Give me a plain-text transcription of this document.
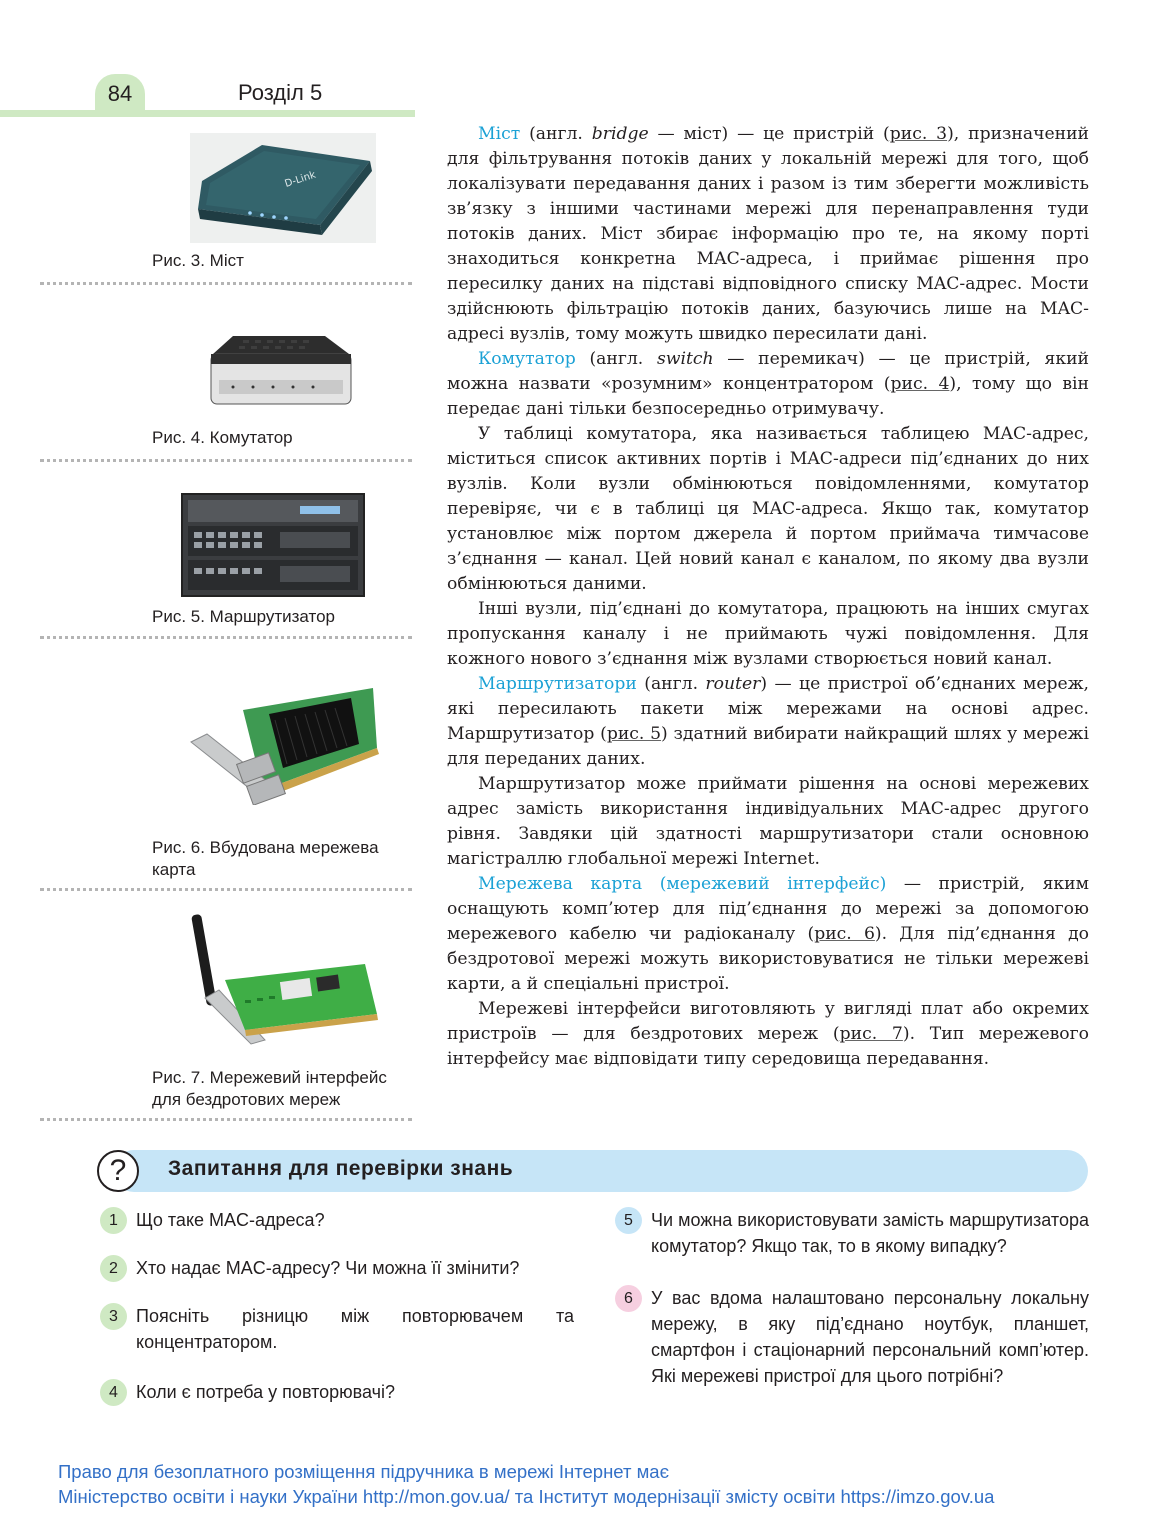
84	Розділ 5
D-Link
Рис. 3. Міст
Рис. 4. Комутатор
Рис. 5. Маршрутизатор
Рис. 6. Вбудована мережева карта
Рис. 7. Мережевий інтерфейс для бездротових мереж

Міст (англ. bridge — міст) — це пристрій (рис. 3), призначений для фільтрування потоків даних у локальній мережі для того, щоб локалізувати передавання даних і разом із тим зберегти можливість зв’язку з іншими частинами мережі для перенаправлення туди потоків даних. Міст збирає інформацію про те, на якому порті знаходиться конкретна MAC-адреса, і приймає рішення про пересилку даних на підставі відповідного списку MAC-адрес. Мости здійснюють фільтрацію потоків даних, базуючись лише на MAC-адресі вузлів, тому можуть швидко пересилати дані.

Комутатор (англ. switch — перемикач) — це пристрій, який можна назвати «розумним» концентратором (рис. 4), тому що він передає дані тільки безпосередньо отримувачу.

У таблиці комутатора, яка називається таблицею MAC-адрес, міститься список активних портів і MAC-адреси під’єднаних до них вузлів. Коли вузли обмінюються повідомленнями, комутатор перевіряє, чи є в таблиці ця MAC-адреса. Якщо так, комутатор установлює між портом джерела й портом приймача тимчасове з’єднання — канал. Цей новий канал є каналом, по якому два вузли обмінюються даними.

Інші вузли, під’єднані до комутатора, працюють на інших смугах пропускання каналу і не приймають чужі повідомлення. Для кожного нового з’єднання між вузлами створюється новий канал.

Маршрутизатори (англ. router) — це пристрої об’єднаних мереж, які пересилають пакети між мережами на основі адрес. Маршрутизатор (рис. 5) здатний вибирати найкращий шлях у мережі для переданих даних.

Маршрутизатор може приймати рішення на основі мережевих адрес замість використання індивідуальних MAC-адрес другого рівня. Завдяки цій здатності маршрутизатори стали основною магістраллю глобальної мережі Internet.

Мережева карта (мережевий інтерфейс) — пристрій, яким оснащують комп’ютер для під’єднання до мережі за допомогою мережевого кабелю чи радіоканалу (рис. 6). Для під’єднання до бездротової мережі можуть використовуватися не тільки мережеві карти, а й спеціальні пристрої.

Мережеві інтерфейси виготовляють у вигляді плат або окремих пристроїв — для бездротових мереж (рис. 7). Тип мережевого інтерфейсу має відповідати типу середовища передавання.

?	Запитання для перевірки знань
1	Що таке MAC-адреса?
2	Хто надає MAC-адресу? Чи можна її змінити?
3	Поясніть різницю між повторювачем та концентратором.
4	Коли є потреба у повторювачі?
5	Чи можна використовувати замість маршрутизатора комутатор? Якщо так, то в якому випадку?
6	У вас вдома налаштовано персональну локальну мережу, в яку під’єднано ноутбук, планшет, смартфон і стаціонарний персональний комп’ютер. Які мережеві пристрої для цього потрібні?
Право для безоплатного розміщення підручника в мережі Інтернет має
Міністерство освіти і науки України http://mon.gov.ua/ та Інститут модернізації змісту освіти https://imzo.gov.ua
